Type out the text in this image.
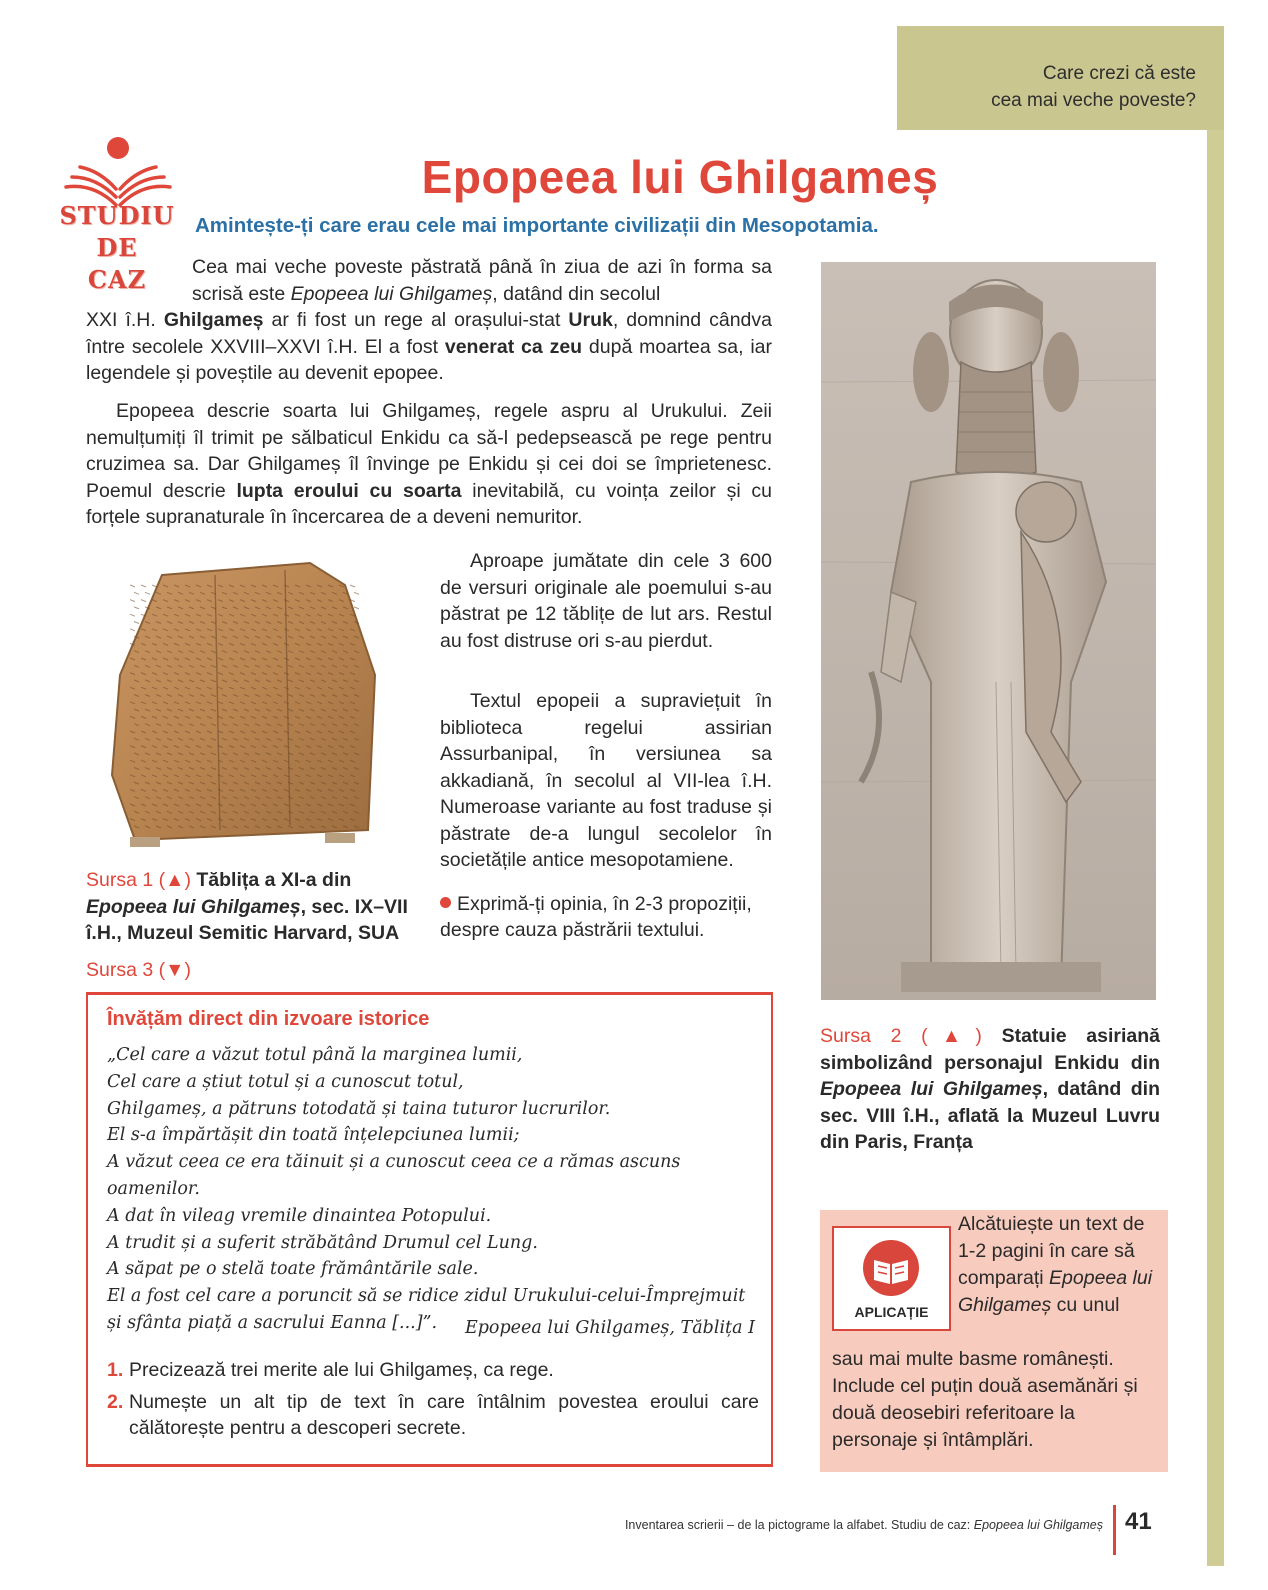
Care crezi că este
cea mai veche poveste?
STUDIU
DE
CAZ
Epopeea lui Ghilgameș
Amintește-ți care erau cele mai importante civilizații din Mesopotamia.
Cea mai veche poveste păstrată până în ziua de azi în forma sa scrisă este Epopeea lui Ghilgameș, datând din secolul
XXI î.H. Ghilgameș ar fi fost un rege al orașului-stat Uruk, domnind cândva între secolele XXVIII–XXVI î.H. El a fost venerat ca zeu după moartea sa, iar legendele și poveștile au devenit epopee.
Epopeea descrie soarta lui Ghilgameș, regele aspru al Urukului. Zeii nemulțumiți îl trimit pe sălbaticul Enkidu ca să-l pedepsească pe rege pentru cruzimea sa. Dar Ghilgameș îl învinge pe Enkidu și cei doi se împrietenesc. Poemul descrie lupta eroului cu soarta inevitabilă, cu voința zeilor și cu forțele supranaturale în încercarea de a deveni nemuritor.
Sursa 1 (▲) Tăblița a XI-a din Epopeea lui Ghilgameș, sec. IX–VII î.H., Muzeul Semitic Harvard, SUA
Sursa 3 (▼)
Aproape jumătate din cele 3 600 de versuri originale ale poemului s-au păstrat pe 12 tăblițe de lut ars. Restul au fost distruse ori s-au pierdut.
Textul epopeii a supraviețuit în biblioteca regelui assirian Assurbanipal, în versiunea sa akkadiană, în secolul al VII-lea î.H. Numeroase variante au fost traduse și păstrate de-a lungul secolelor în societățile antice mesopotamiene.
Exprimă-ți opinia, în 2-3 propoziții, despre cauza păstrării textului.
Sursa 2 (▲) Statuie asiriană simbolizând personajul Enkidu din Epopeea lui Ghilgameș, datând din sec. VIII î.H., aflată la Muzeul Luvru din Paris, Franța
Învățăm direct din izvoare istorice
„Cel care a văzut totul până la marginea lumii,
Cel care a știut totul și a cunoscut totul,
Ghilgameș, a pătruns totodată și taina tuturor lucrurilor.
El s-a împărtășit din toată înțelepciunea lumii;
A văzut ceea ce era tăinuit și a cunoscut ceea ce a rămas ascuns oamenilor.
A dat în vileag vremile dinaintea Potopului.
A trudit și a suferit străbătând Drumul cel Lung.
A săpat pe o stelă toate frământările sale.
El a fost cel care a poruncit să se ridice zidul Urukului-celui-Împrejmuit
și sfânta piață a sacrului Eanna [...]”.	Epopeea lui Ghilgameș, Tăblița I
1. Precizează trei merite ale lui Ghilgameș, ca rege.
2. Numește un alt tip de text în care întâlnim povestea eroului care călătorește pentru a descoperi secrete.
APLICAȚIE
Alcătuiește un text de 1-2 pagini în care să comparați Epopeea lui Ghilgameș cu unul
sau mai multe basme românești. Include cel puțin două asemănări și două deosebiri referitoare la personaje și întâmplări.
Inventarea scrierii – de la pictograme la alfabet. Studiu de caz: Epopeea lui Ghilgameș 41
